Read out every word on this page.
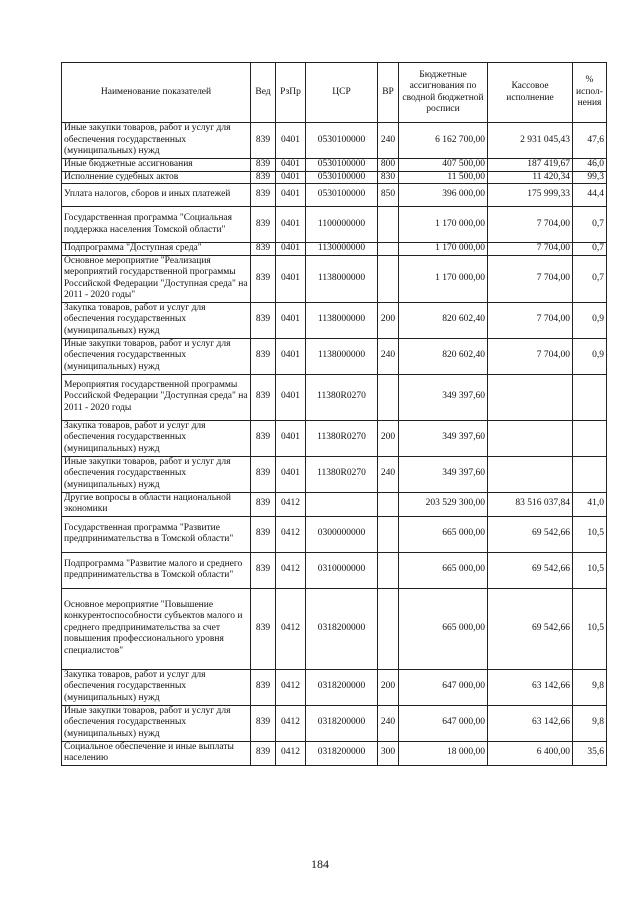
Наименование показателей	Вед	РзПр	ЦСР	ВР	Бюджетные ассигнования по сводной бюджетной росписи	Кассовое исполнение	% испол-нения
Иные закупки товаров, работ и услуг для обеспечения государственных (муниципальных) нужд	839	0401	0530100000	240	6 162 700,00	2 931 045,43	47,6
Иные бюджетные ассигнования	839	0401	0530100000	800	407 500,00	187 419,67	46,0
Исполнение судебных актов	839	0401	0530100000	830	11 500,00	11 420,34	99,3
Уплата налогов, сборов и иных платежей	839	0401	0530100000	850	396 000,00	175 999,33	44,4
Государственная программа "Социальная поддержка населения Томской области"	839	0401	1100000000		1 170 000,00	7 704,00	0,7
Подпрограмма "Доступная среда"	839	0401	1130000000		1 170 000,00	7 704,00	0,7
Основное мероприятие "Реализация мероприятий государственной программы Российской Федерации "Доступная среда" на 2011 - 2020 годы"	839	0401	1138000000		1 170 000,00	7 704,00	0,7
Закупка товаров, работ и услуг для обеспечения государственных (муниципальных) нужд	839	0401	1138000000	200	820 602,40	7 704,00	0,9
Иные закупки товаров, работ и услуг для обеспечения государственных (муниципальных) нужд	839	0401	1138000000	240	820 602,40	7 704,00	0,9
Мероприятия государственной программы Российской Федерации "Доступная среда" на 2011 - 2020 годы	839	0401	11380R0270		349 397,60		
Закупка товаров, работ и услуг для обеспечения государственных (муниципальных) нужд	839	0401	11380R0270	200	349 397,60		
Иные закупки товаров, работ и услуг для обеспечения государственных (муниципальных) нужд	839	0401	11380R0270	240	349 397,60		
Другие вопросы в области национальной экономики	839	0412			203 529 300,00	83 516 037,84	41,0
Государственная программа "Развитие предпринимательства в Томской области"	839	0412	0300000000		665 000,00	69 542,66	10,5
Подпрограмма "Развитие малого и среднего предпринимательства в Томской области"	839	0412	0310000000		665 000,00	69 542,66	10,5
Основное мероприятие "Повышение конкурентоспособности субъектов малого и среднего предпринимательства за счет повышения профессионального уровня специалистов"	839	0412	0318200000		665 000,00	69 542,66	10,5
Закупка товаров, работ и услуг для обеспечения государственных (муниципальных) нужд	839	0412	0318200000	200	647 000,00	63 142,66	9,8
Иные закупки товаров, работ и услуг для обеспечения государственных (муниципальных) нужд	839	0412	0318200000	240	647 000,00	63 142,66	9,8
Социальное обеспечение и иные выплаты населению	839	0412	0318200000	300	18 000,00	6 400,00	35,6
184
